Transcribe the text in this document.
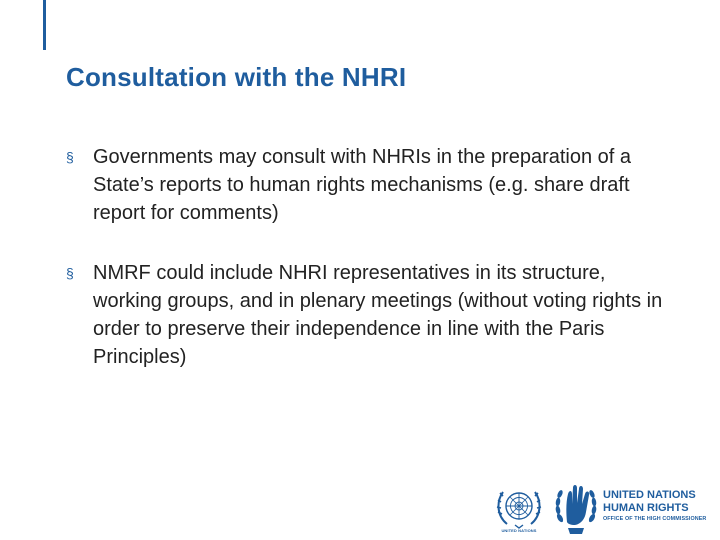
Consultation with the NHRI
§ Governments may consult with NHRIs in the preparation of a State’s reports to human rights mechanisms (e.g. share draft report for comments)
§ NMRF could include NHRI representatives in its structure, working groups, and in plenary meetings (without voting rights in order to preserve their independence in line with the Paris Principles)
UNITED NATIONS
UNITED NATIONS
HUMAN RIGHTS
OFFICE OF THE HIGH COMMISSIONER
